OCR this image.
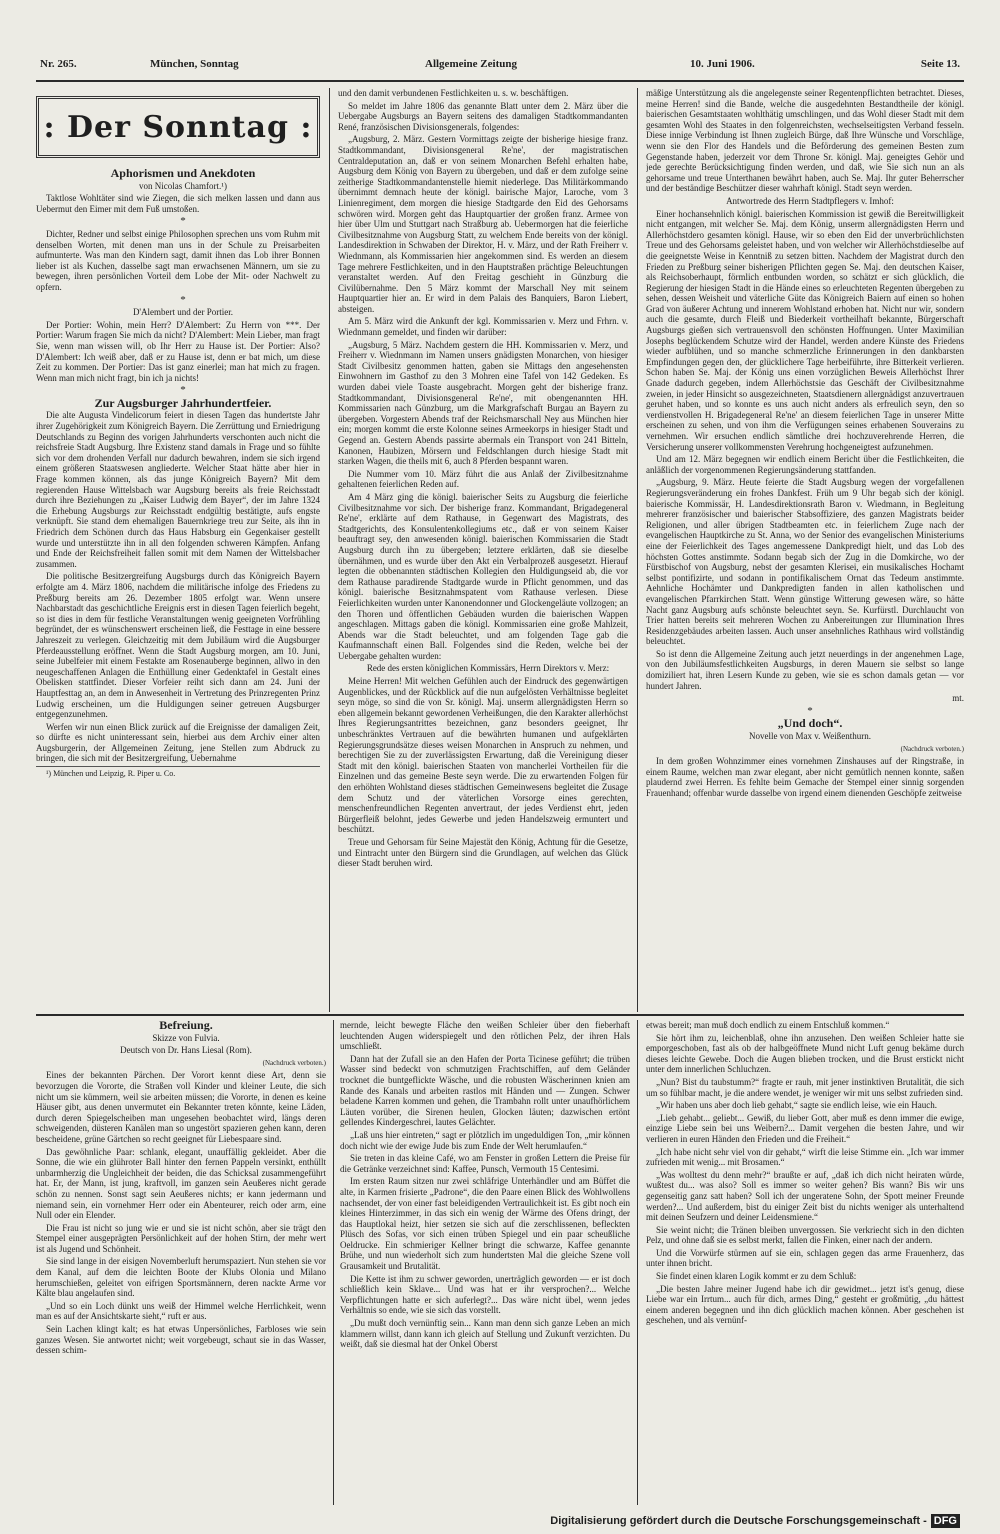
Nr. 265.	München, Sonntag	Allgemeine Zeitung	10. Juni 1906.	Seite 13.
: Der Sonntag :

Aphorismen und Anekdoten

von Nicolas Chamfort.¹)

Taktlose Wohltäter sind wie Ziegen, die sich melken lassen und dann aus Uebermut den Eimer mit dem Fuß umstoßen.

*

Dichter, Redner und selbst einige Philosophen sprechen uns vom Ruhm mit denselben Worten, mit denen man uns in der Schule zu Preisarbeiten aufmunterte. Was man den Kindern sagt, damit ihnen das Lob ihrer Bonnen lieber ist als Kuchen, dasselbe sagt man erwachsenen Männern, um sie zu bewegen, ihren persönlichen Vorteil dem Lobe der Mit- oder Nachwelt zu opfern.

*

D'Alembert und der Portier.

Der Portier: Wohin, mein Herr? D'Alembert: Zu Herrn von ***. Der Portier: Warum fragen Sie mich da nicht? D'Alembert: Mein Lieber, man fragt Sie, wenn man wissen will, ob Ihr Herr zu Hause ist. Der Portier: Also? D'Alembert: Ich weiß aber, daß er zu Hause ist, denn er bat mich, um diese Zeit zu kommen. Der Portier: Das ist ganz einerlei; man hat mich zu fragen. Wenn man mich nicht fragt, bin ich ja nichts!

*

Zur Augsburger Jahrhundertfeier.

Die alte Augusta Vindelicorum feiert in diesen Tagen das hundertste Jahr ihrer Zugehörigkeit zum Königreich Bayern. Die Zerrüttung und Erniedrigung Deutschlands zu Beginn des vorigen Jahrhunderts verschonten auch nicht die reichsfreie Stadt Augsburg. Ihre Existenz stand damals in Frage und so fühlte sich vor dem drohenden Verfall nur dadurch bewahren, indem sie sich irgend einem größeren Staatswesen angliederte. Welcher Staat hätte aber hier in Frage kommen können, als das junge Königreich Bayern? Mit dem regierenden Hause Wittelsbach war Augsburg bereits als freie Reichsstadt durch ihre Beziehungen zu „Kaiser Ludwig dem Bayer“, der im Jahre 1324 die Erhebung Augsburgs zur Reichsstadt endgültig bestätigte, aufs engste verknüpft. Sie stand dem ehemaligen Bauernkriege treu zur Seite, als ihn in Friedrich dem Schönen durch das Haus Habsburg ein Gegenkaiser gestellt wurde und unterstützte ihn in all den folgenden schweren Kämpfen. Anfang und Ende der Reichsfreiheit fallen somit mit dem Namen der Wittelsbacher zusammen.

Die politische Besitzergreifung Augsburgs durch das Königreich Bayern erfolgte am 4. März 1806, nachdem die militärische infolge des Friedens zu Preßburg bereits am 26. Dezember 1805 erfolgt war. Wenn unsere Nachbarstadt das geschichtliche Ereignis erst in diesen Tagen feierlich begeht, so ist dies in dem für festliche Veranstaltungen wenig geeigneten Vorfrühling begründet, der es wünschenswert erscheinen ließ, die Festtage in eine bessere Jahreszeit zu verlegen. Gleichzeitig mit dem Jubiläum wird die Augsburger Pferdeausstellung eröffnet. Wenn die Stadt Augsburg morgen, am 10. Juni, seine Jubelfeier mit einem Festakte am Rosenauberge beginnen, allwo in den neugeschaffenen Anlagen die Enthüllung einer Gedenktafel in Gestalt eines Obelisken stattfindet. Dieser Vorfeier reiht sich dann am 24. Juni der Hauptfesttag an, an dem in Anwesenheit in Vertretung des Prinzregenten Prinz Ludwig erscheinen, um die Huldigungen seiner getreuen Augsburger entgegenzunehmen.

Werfen wir nun einen Blick zurück auf die Ereignisse der damaligen Zeit, so dürfte es nicht uninteressant sein, hierbei aus dem Archiv einer alten Augsburgerin, der Allgemeinen Zeitung, jene Stellen zum Abdruck zu bringen, die sich mit der Besitzergreifung, Uebernahme

¹) München und Leipzig, R. Piper u. Co.

und den damit verbundenen Festlichkeiten u. s. w. beschäftigen.

So meldet im Jahre 1806 das genannte Blatt unter dem 2. März über die Uebergabe Augsburgs an Bayern seitens des damaligen Stadtkommandanten René, französischen Divisionsgenerals, folgendes:

„Augsburg, 2. März. Gestern Vormittags zeigte der bisherige hiesige franz. Stadtkommandant, Divisionsgeneral Re'ne', der magistratischen Centraldeputation an, daß er von seinem Monarchen Befehl erhalten habe, Augsburg dem König von Bayern zu übergeben, und daß er dem zufolge seine zeitherige Stadtkommandantenstelle hiemit niederlege. Das Militärkommando übernimmt demnach heute der königl. bairische Major, Laroche, vom 3 Linienregiment, dem morgen die hiesige Stadtgarde den Eid des Gehorsams schwören wird. Morgen geht das Hauptquartier der großen franz. Armee von hier über Ulm und Stuttgart nach Straßburg ab. Uebermorgen hat die feierliche Civilbesitznahme von Augsburg Statt, zu welchem Ende bereits von der königl. Landesdirektion in Schwaben der Direktor, H. v. März, und der Rath Freiherr v. Wiednmann, als Kommissarien hier angekommen sind. Es werden an diesem Tage mehrere Festlichkeiten, und in den Hauptstraßen prächtige Beleuchtungen veranstaltet werden. Auf den Freitag geschieht in Günzburg die Civilübernahme. Den 5 März kommt der Marschall Ney mit seinem Hauptquartier hier an. Er wird in dem Palais des Banquiers, Baron Liebert, absteigen.

Am 5. März wird die Ankunft der kgl. Kommissarien v. Merz und Frhrn. v. Wiednmann gemeldet, und finden wir darüber:

„Augsburg, 5 März. Nachdem gestern die HH. Kommissarien v. Merz, und Freiherr v. Wiednmann im Namen unsers gnädigsten Monarchen, von hiesiger Stadt Civilbesitz genommen hatten, gaben sie Mittags den angesehensten Einwohnern im Gasthof zu den 3 Mohren eine Tafel von 142 Gedeken. Es wurden dabei viele Toaste ausgebracht. Morgen geht der bisherige franz. Stadtkommandant, Divisionsgeneral Re'ne', mit obengenannten HH. Kommissarien nach Günzburg, um die Markgrafschaft Burgau an Bayern zu übergeben. Vorgestern Abends traf der Reichsmarschall Ney aus München hier ein; morgen kommt die erste Kolonne seines Armeekorps in hiesiger Stadt und Gegend an. Gestern Abends passirte abermals ein Transport von 241 Bitteln, Kanonen, Haubizen, Mörsern und Feldschlangen durch hiesige Stadt mit starken Wagen, die theils mit 6, auch 8 Pferden bespannt waren.

Die Nummer vom 10. März führt die aus Anlaß der Zivilbesitznahme gehaltenen feierlichen Reden auf.

Am 4 März ging die königl. baierischer Seits zu Augsburg die feierliche Civilbesitznahme vor sich. Der bisherige franz. Kommandant, Brigadegeneral Re'ne', erklärte auf dem Rathause, in Gegenwart des Magistrats, des Stadtgerichts, des Konsulentenkollegiums etc., daß er von seinem Kaiser beauftragt sey, den anwesenden königl. baierischen Kommissarien die Stadt Augsburg durch ihn zu übergeben; letztere erklärten, daß sie dieselbe übernähmen, und es wurde über den Akt ein Verbalprozeß ausgesetzt. Hierauf legten die obbenannten städtischen Kollegien den Huldigungseid ab, die vor dem Rathause paradirende Stadtgarde wurde in Pflicht genommen, und das königl. baierische Besitznahmspatent vom Rathause verlesen. Diese Feierlichkeiten wurden unter Kanonendonner und Glockengeläute vollzogen; an den Thoren und öffentlichen Gebäuden wurden die baierischen Wappen angeschlagen. Mittags gaben die königl. Kommissarien eine große Mahlzeit, Abends war die Stadt beleuchtet, und am folgenden Tage gab die Kaufmannschaft einen Ball. Folgendes sind die Reden, welche bei der Uebergabe gehalten wurden:

Rede des ersten königlichen Kommissärs, Herrn Direktors v. Merz:

Meine Herren! Mit welchen Gefühlen auch der Eindruck des gegenwärtigen Augenblickes, und der Rückblick auf die nun aufgelösten Verhältnisse begleitet seyn möge, so sind die von Sr. königl. Maj. unserm allergnädigsten Herrn so eben allgemein bekannt gewordenen Verheißungen, die den Karakter allerhöchst Ihres Regierungsantrittes bezeichnen, ganz besonders geeignet, Ihr unbeschränktes Vertrauen auf die bewährten humanen und aufgeklärten Regierungsgrundsätze dieses weisen Monarchen in Anspruch zu nehmen, und berechtigen Sie zu der zuverlässigsten Erwartung, daß die Vereinigung dieser Stadt mit den königl. baierischen Staaten von mancherlei Vortheilen für die Einzelnen und das gemeine Beste seyn werde. Die zu erwartenden Folgen für den erhöhten Wohlstand dieses städtischen Gemeinwesens begleitet die Zusage dem Schutz und der väterlichen Vorsorge eines gerechten, menschenfreundlichen Regenten anvertraut, der jedes Verdienst ehrt, jeden Bürgerfleiß belohnt, jedes Gewerbe und jeden Handelszweig ermuntert und beschützt.

Treue und Gehorsam für Seine Majestät den König, Achtung für die Gesetze, und Eintracht unter den Bürgern sind die Grundlagen, auf welchen das Glück dieser Stadt beruhen wird.

mäßige Unterstützung als die angelegenste seiner Regentenpflichten betrachtet. Dieses, meine Herren! sind die Bande, welche die ausgedehnten Bestandtheile der königl. baierischen Gesamtstaaten wohlthätig umschlingen, und das Wohl dieser Stadt mit dem gesamten Wohl des Staates in den folgenreichsten, wechselseitigsten Verband fesseln. Diese innige Verbindung ist Ihnen zugleich Bürge, daß Ihre Wünsche und Vorschläge, wenn sie den Flor des Handels und die Beförderung des gemeinen Besten zum Gegenstande haben, jederzeit vor dem Throne Sr. königl. Maj. geneigtes Gehör und jede gerechte Berücksichtigung finden werden, und daß, wie Sie sich nun an als gehorsame und treue Unterthanen bewährt haben, auch Se. Maj. Ihr guter Beherrscher und der beständige Beschützer dieser wahrhaft königl. Stadt seyn werden.

Antwortrede des Herrn Stadtpflegers v. Imhof:

Einer hochansehnlich königl. baierischen Kommission ist gewiß die Bereitwilligkeit nicht entgangen, mit welcher Se. Maj. dem König, unserm allergnädigsten Herrn und Allerhöchstdero gesamten königl. Hause, wir so eben den Eid der unverbrüchlichsten Treue und des Gehorsams geleistet haben, und von welcher wir Allerhöchstdieselbe auf die geeignetste Weise in Kenntniß zu setzen bitten. Nachdem der Magistrat durch den Frieden zu Preßburg seiner bisherigen Pflichten gegen Se. Maj. den deutschen Kaiser, als Reichsoberhaupt, förmlich entbunden worden, so schätzt er sich glücklich, die Regierung der hiesigen Stadt in die Hände eines so erleuchteten Regenten übergeben zu sehen, dessen Weisheit und väterliche Güte das Königreich Baiern auf einen so hohen Grad von äußerer Achtung und innerem Wohlstand erhoben hat. Nicht nur wir, sondern auch die gesamte, durch Fleiß und Biederkeit vortheilhaft bekannte, Bürgerschaft Augsburgs gießen sich vertrauensvoll den schönsten Hoffnungen. Unter Maximilian Josephs beglückendem Schutze wird der Handel, werden andere Künste des Friedens wieder aufblühen, und so manche schmerzliche Erinnerungen in den dankbarsten Empfindungen gegen den, der glücklichere Tage herbeiführte, ihre Bitterkeit verlieren. Schon haben Se. Maj. der König uns einen vorzüglichen Beweis Allerhöchst Ihrer Gnade dadurch gegeben, indem Allerhöchstsie das Geschäft der Civilbesitznahme zweien, in jeder Hinsicht so ausgezeichneten, Staatsdienern allergnädigst anzuvertrauen geruhet haben, und so konnte es uns auch nicht anders als erfreulich seyn, den so verdienstvollen H. Brigadegeneral Re'ne' an diesem feierlichen Tage in unserer Mitte erscheinen zu sehen, und von ihm die Verfügungen seines erhabenen Souverains zu vernehmen. Wir ersuchen endlich sämtliche drei hochzuverehrende Herren, die Versicherung unserer vollkommensten Verehrung hochgeneigtest aufzunehmen.

Und am 12. März begegnen wir endlich einem Bericht über die Festlichkeiten, die anläßlich der vorgenommenen Regierungsänderung stattfanden.

„Augsburg, 9. März. Heute feierte die Stadt Augsburg wegen der vorgefallenen Regierungsveränderung ein frohes Dankfest. Früh um 9 Uhr begab sich der königl. baierische Kommissär, H. Landesdirektionsrath Baron v. Wiedmann, in Begleitung mehrerer französischer und baierischer Stabsoffiziere, des ganzen Magistrats beider Religionen, und aller übrigen Stadtbeamten etc. in feierlichem Zuge nach der evangelischen Hauptkirche zu St. Anna, wo der Senior des evangelischen Ministeriums eine der Feierlichkeit des Tages angemessene Dankpredigt hielt, und das Lob des höchsten Gottes anstimmte. Sodann begab sich der Zug in die Domkirche, wo der Fürstbischof von Augsburg, nebst der gesamten Klerisei, ein musikalisches Hochamt selbst pontifizirte, und sodann in pontifikalischem Ornat das Tedeum anstimmte. Aehnliche Hochämter und Dankpredigten fanden in allen katholischen und evangelischen Pfarrkirchen Statt. Wenn günstige Witterung gewesen wäre, so hätte Nacht ganz Augsburg aufs schönste beleuchtet seyn. Se. Kurfürstl. Durchlaucht von Trier hatten bereits seit mehreren Wochen zu Anbereitungen zur Illumination Ihres Residenzgebäudes arbeiten lassen. Auch unser ansehnliches Rathhaus wird vollständig beleuchtet.

So ist denn die Allgemeine Zeitung auch jetzt neuerdings in der angenehmen Lage, von den Jubiläumsfestlichkeiten Augsburgs, in deren Mauern sie selbst so lange domiziliert hat, ihren Lesern Kunde zu geben, wie sie es schon damals getan — vor hundert Jahren.

mt.

*

„Und doch“.

Novelle von Max v. Weißenthurn.

(Nachdruck verboten.)

In dem großen Wohnzimmer eines vornehmen Zinshauses auf der Ringstraße, in einem Raume, welchen man zwar elegant, aber nicht gemütlich nennen konnte, saßen plaudernd zwei Herren. Es fehlte beim Gemache der Stempel einer sinnig sorgenden Frauenhand; offenbar wurde dasselbe von irgend einem dienenden Geschöpfe zeitweise

Befreiung.

Skizze von Fulvia.

Deutsch von Dr. Hans Liesal (Rom).

(Nachdruck verboten.)

Eines der bekannten Pärchen. Der Vorort kennt diese Art, denn sie bevorzugen die Vororte, die Straßen voll Kinder und kleiner Leute, die sich nicht um sie kümmern, weil sie arbeiten müssen; die Vororte, in denen es keine Häuser gibt, aus denen unvermutet ein Bekannter treten könnte, keine Läden, durch deren Spiegelscheiben man ungesehen beobachtet wird, längs deren schweigenden, düsteren Kanälen man so ungestört spazieren gehen kann, deren bescheidene, grüne Gärtchen so recht geeignet für Liebespaare sind.

Das gewöhnliche Paar: schlank, elegant, unauffällig gekleidet. Aber die Sonne, die wie ein glühroter Ball hinter den fernen Pappeln versinkt, enthüllt unbarmherzig die Ungleichheit der beiden, die das Schicksal zusammengeführt hat. Er, der Mann, ist jung, kraftvoll, im ganzen sein Aeußeres nicht gerade schön zu nennen. Sonst sagt sein Aeußeres nichts; er kann jedermann und niemand sein, ein vornehmer Herr oder ein Abenteurer, reich oder arm, eine Null oder ein Elender.

Die Frau ist nicht so jung wie er und sie ist nicht schön, aber sie trägt den Stempel einer ausgeprägten Persönlichkeit auf der hohen Stirn, der mehr wert ist als Jugend und Schönheit.

Sie sind lange in der eisigen Novemberluft herumspaziert. Nun stehen sie vor dem Kanal, auf dem die leichten Boote der Klubs Olonia und Milano herumschießen, geleitet von eifrigen Sportsmännern, deren nackte Arme vor Kälte blau angelaufen sind.

„Und so ein Loch dünkt uns weiß der Himmel welche Herrlichkeit, wenn man es auf der Ansichtskarte sieht,“ ruft er aus.

Sein Lachen klingt kalt; es hat etwas Unpersönliches, Farbloses wie sein ganzes Wesen. Sie antwortet nicht; weit vorgebeugt, schaut sie in das Wasser, dessen schim-

mernde, leicht bewegte Fläche den weißen Schleier über den fieberhaft leuchtenden Augen widerspiegelt und den rötlichen Pelz, der ihren Hals umschließt.

Dann hat der Zufall sie an den Hafen der Porta Ticinese geführt; die trüben Wasser sind bedeckt von schmutzigen Frachtschiffen, auf dem Geländer trocknet die buntgeflickte Wäsche, und die robusten Wäscherinnen knien am Rande des Kanals und arbeiten rastlos mit Händen und — Zungen. Schwer beladene Karren kommen und gehen, die Trambahn rollt unter unaufhörlichem Läuten vorüber, die Sirenen heulen, Glocken läuten; dazwischen ertönt gellendes Kindergeschrei, lautes Gelächter.

„Laß uns hier eintreten,“ sagt er plötzlich im ungeduldigen Ton, „mir können doch nicht wie der ewige Jude bis zum Ende der Welt herumlaufen.“

Sie treten in das kleine Café, wo am Fenster in großen Lettern die Preise für die Getränke verzeichnet sind: Kaffee, Punsch, Vermouth 15 Centesimi.

Im ersten Raum sitzen nur zwei schläfrige Unterhändler und am Büffet die alte, in Karmen frisierte „Padrone“, die den Paare einen Blick des Wohlwollens nachsendet, der von einer fast beleidigenden Vertraulichkeit ist. Es gibt noch ein kleines Hinterzimmer, in das sich ein wenig der Wärme des Ofens dringt, der das Hauptlokal heizt, hier setzen sie sich auf die zerschlissenen, befleckten Plüsch des Sofas, vor sich einen trüben Spiegel und ein paar scheußliche Oeldrucke. Ein schmieriger Kellner bringt die schwarze, Kaffee genannte Brühe, und nun wiederholt sich zum hundertsten Mal die gleiche Szene voll Grausamkeit und Brutalität.

Die Kette ist ihm zu schwer geworden, unerträglich geworden — er ist doch schließlich kein Sklave... Und was hat er ihr versprochen?... Welche Verpflichtungen hatte er sich auferlegt?... Das wäre nicht übel, wenn jedes Verhältnis so ende, wie sie sich das vorstellt.

„Du mußt doch vernünftig sein... Kann man denn sich ganze Leben an mich klammern willst, dann kann ich gleich auf Stellung und Zukunft verzichten. Du weißt, daß sie diesmal hat der Onkel Oberst

etwas bereit; man muß doch endlich zu einem Entschluß kommen.“

Sie hört ihm zu, leichenblaß, ohne ihn anzusehen. Den weißen Schleier hatte sie emporgeschoben, fast als ob der halbgeöffnete Mund nicht Luft genug bekäme durch dieses leichte Gewebe. Doch die Augen blieben trocken, und die Brust erstickt nicht unter dem innerlichen Schluchzen.

„Nun? Bist du taubstumm?“ fragte er rauh, mit jener instinktiven Brutalität, die sich um so fühlbar macht, je die andere wendet, je weniger wir mit uns selbst zufrieden sind.

„Wir haben uns aber doch lieb gehabt,“ sagte sie endlich leise, wie ein Hauch.

„Lieb gehabt... geliebt... Gewiß, du lieber Gott, aber muß es denn immer die ewige, einzige Liebe sein bei uns Weibern?... Damit vergehen die besten Jahre, und wir verlieren in euren Händen den Frieden und die Freiheit.“

„Ich habe nicht sehr viel von dir gehabt,“ wirft die leise Stimme ein. „Ich war immer zufrieden mit wenig... mit Brosamen.“

„Was wolltest du denn mehr?“ braußte er auf, „daß ich dich nicht heiraten würde, wußtest du... was also? Soll es immer so weiter gehen? Bis wann? Bis wir uns gegenseitig ganz satt haben? Soll ich der ungeratene Sohn, der Spott meiner Freunde werden?... Und außerdem, bist du einiger Zeit bist du nichts weniger als unterhaltend mit deinen Seufzern und deiner Leidensmiene.“

Sie weint nicht; die Tränen bleiben unvergossen. Sie verkriecht sich in den dichten Pelz, und ohne daß sie es selbst merkt, fallen die Finken, einer nach der andern.

Und die Vorwürfe stürmen auf sie ein, schlagen gegen das arme Frauenherz, das unter ihnen bricht.

Sie findet einen klaren Logik kommt er zu dem Schluß:

„Die besten Jahre meiner Jugend habe ich dir gewidmet... jetzt ist's genug, diese Liebe war ein Irrtum... auch für dich, armes Ding,“ gesteht er großmütig, „du hättest einem anderen begegnen und ihn dich glücklich machen können. Aber geschehen ist geschehen, und als vernünf-

Digitalisierung gefördert durch die Deutsche Forschungsgemeinschaft - DFG
